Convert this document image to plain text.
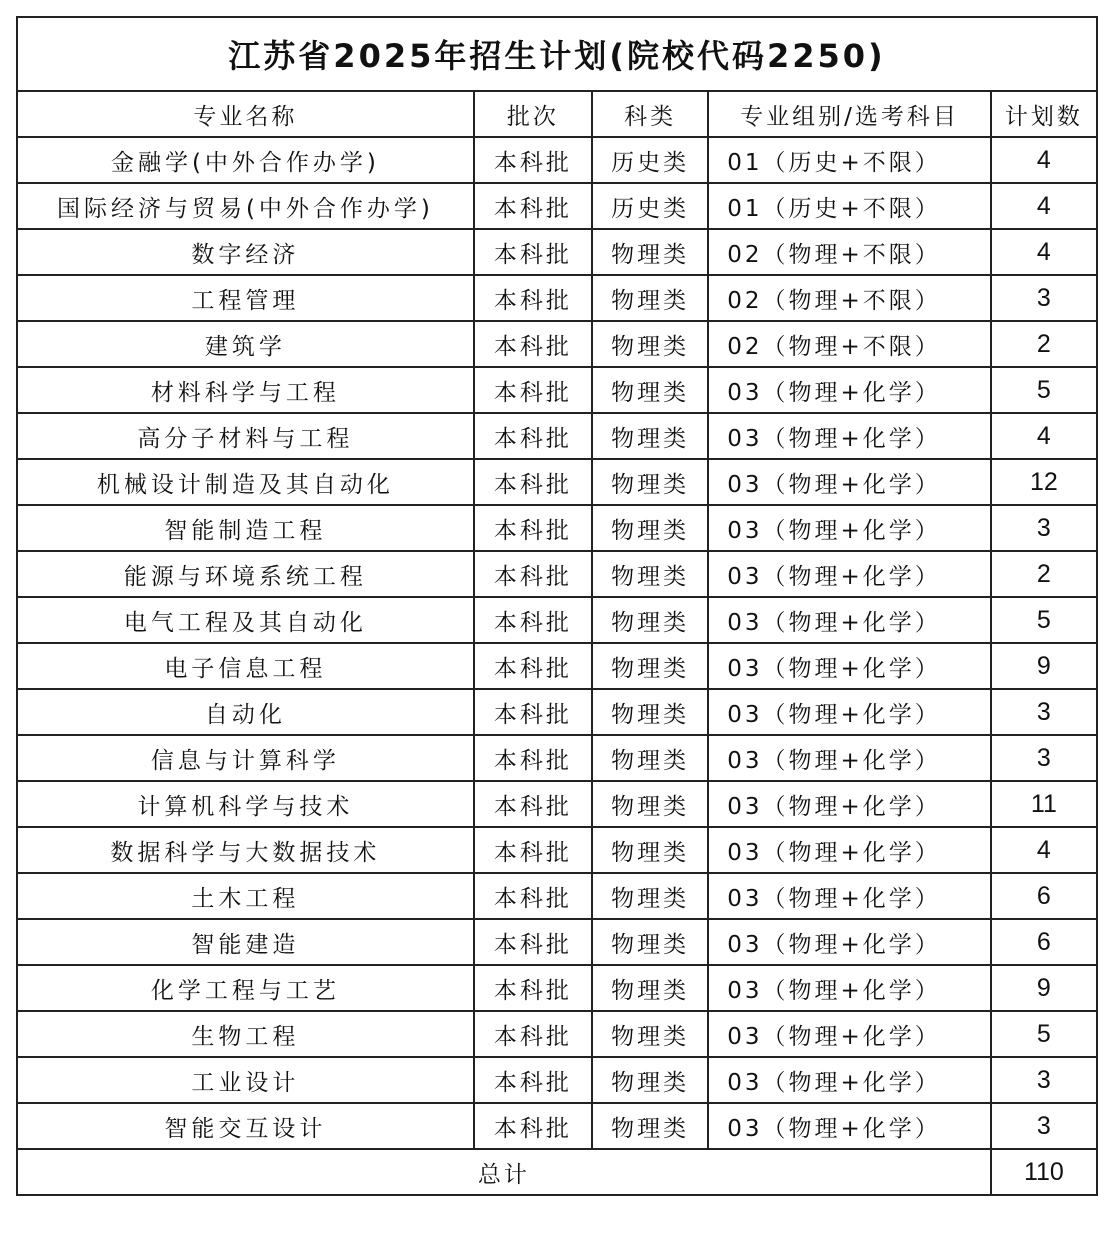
江苏省2025年招生计划(院校代码2250)				
专业名称	批次	科类	专业组别/选考科目	计划数
金融学(中外合作办学)	本科批	历史类	01（历史+不限）	4
国际经济与贸易(中外合作办学)	本科批	历史类	01（历史+不限）	4
数字经济	本科批	物理类	02（物理+不限）	4
工程管理	本科批	物理类	02（物理+不限）	3
建筑学	本科批	物理类	02（物理+不限）	2
材料科学与工程	本科批	物理类	03（物理+化学）	5
高分子材料与工程	本科批	物理类	03（物理+化学）	4
机械设计制造及其自动化	本科批	物理类	03（物理+化学）	12
智能制造工程	本科批	物理类	03（物理+化学）	3
能源与环境系统工程	本科批	物理类	03（物理+化学）	2
电气工程及其自动化	本科批	物理类	03（物理+化学）	5
电子信息工程	本科批	物理类	03（物理+化学）	9
自动化	本科批	物理类	03（物理+化学）	3
信息与计算科学	本科批	物理类	03（物理+化学）	3
计算机科学与技术	本科批	物理类	03（物理+化学）	11
数据科学与大数据技术	本科批	物理类	03（物理+化学）	4
土木工程	本科批	物理类	03（物理+化学）	6
智能建造	本科批	物理类	03（物理+化学）	6
化学工程与工艺	本科批	物理类	03（物理+化学）	9
生物工程	本科批	物理类	03（物理+化学）	5
工业设计	本科批	物理类	03（物理+化学）	3
智能交互设计	本科批	物理类	03（物理+化学）	3
总计				110
